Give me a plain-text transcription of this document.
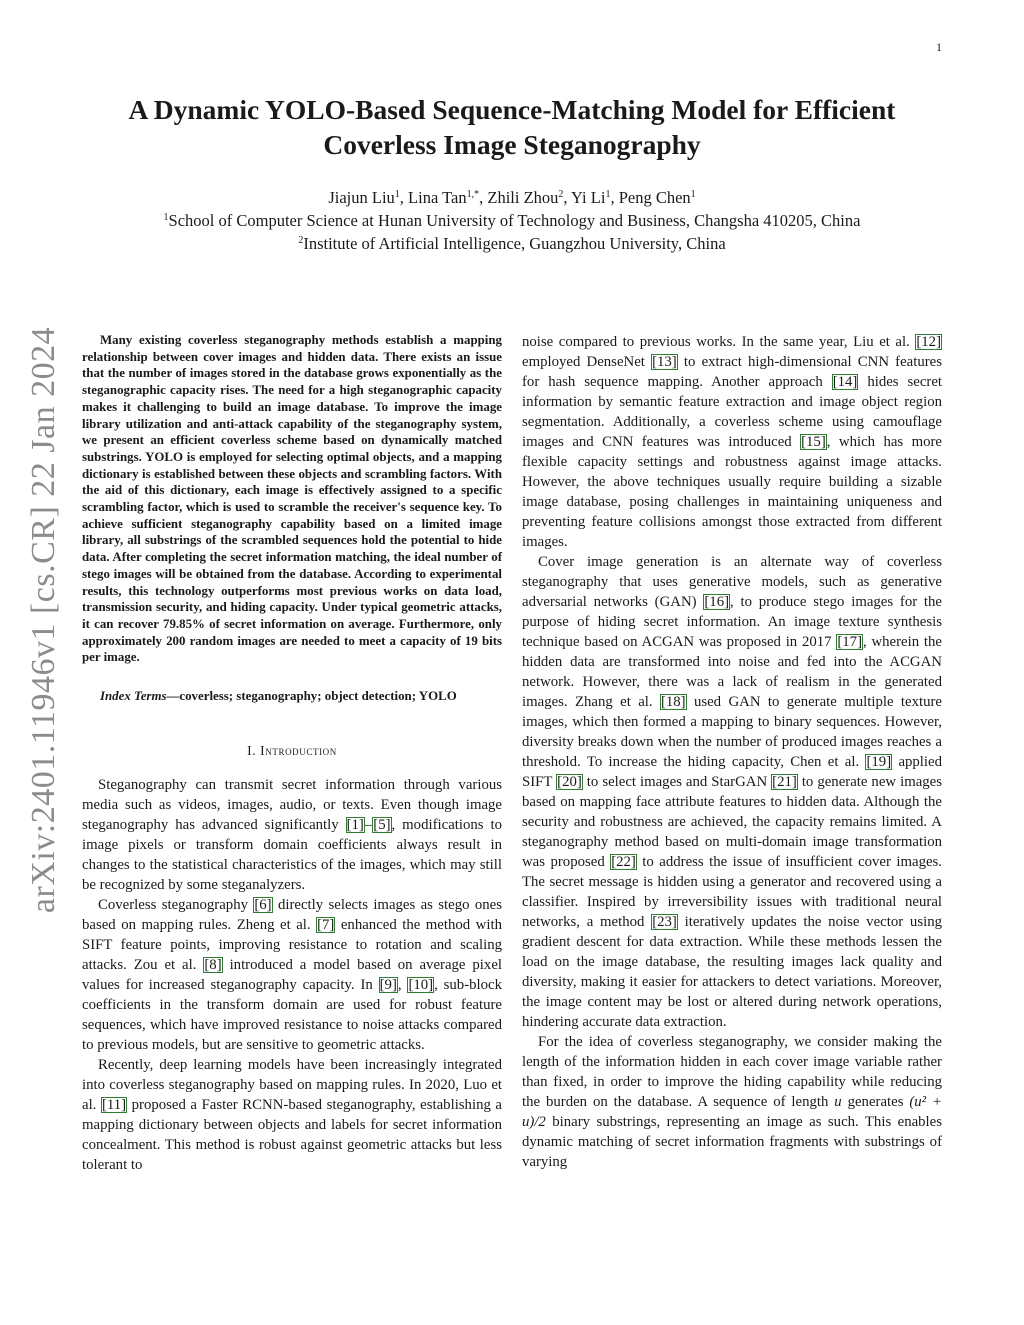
1
arXiv:2401.11946v1 [cs.CR] 22 Jan 2024
A Dynamic YOLO-Based Sequence-Matching Model for Efficient Coverless Image Steganography
Jiajun Liu$^1$, Lina Tan$^{1,*}$, Zhili Zhou$^2$, Yi Li$^1$, Peng Chen$^1$
$^1$School of Computer Science at Hunan University of Technology and Business, Changsha 410205, China
$^2$Institute of Artificial Intelligence, Guangzhou University, China

Many existing coverless steganography methods establish a mapping relationship between cover images and hidden data. There exists an issue that the number of images stored in the database grows exponentially as the steganographic capacity rises. The need for a high steganographic capacity makes it challenging to build an image database. To improve the image library utilization and anti-attack capability of the steganography system, we present an efficient coverless scheme based on dynamically matched substrings. YOLO is employed for selecting optimal objects, and a mapping dictionary is established between these objects and scrambling factors. With the aid of this dictionary, each image is effectively assigned to a specific scrambling factor, which is used to scramble the receiver's sequence key. To achieve sufficient steganography capability based on a limited image library, all substrings of the scrambled sequences hold the potential to hide data. After completing the secret information matching, the ideal number of stego images will be obtained from the database. According to experimental results, this technology outperforms most previous works on data load, transmission security, and hiding capacity. Under typical geometric attacks, it can recover 79.85% of secret information on average. Furthermore, only approximately 200 random images are needed to meet a capacity of 19 bits per image.

Index Terms—coverless; steganography; object detection; YOLO

I. Introduction

Steganography can transmit secret information through various media such as videos, images, audio, or texts. Even though image steganography has advanced significantly [1]–[5], modifications to image pixels or transform domain coefficients always result in changes to the statistical characteristics of the images, which may still be recognized by some steganalyzers.

Coverless steganography [6] directly selects images as stego ones based on mapping rules. Zheng et al. [7] enhanced the method with SIFT feature points, improving resistance to rotation and scaling attacks. Zou et al. [8] introduced a model based on average pixel values for increased steganography capacity. In [9], [10], sub-block coefficients in the transform domain are used for robust feature sequences, which have improved resistance to noise attacks compared to previous models, but are sensitive to geometric attacks.

Recently, deep learning models have been increasingly integrated into coverless steganography based on mapping rules. In 2020, Luo et al. [11] proposed a Faster RCNN-based steganography, establishing a mapping dictionary between objects and labels for secret information concealment. This method is robust against geometric attacks but less tolerant to

noise compared to previous works. In the same year, Liu et al. [12] employed DenseNet [13] to extract high-dimensional CNN features for hash sequence mapping. Another approach [14] hides secret information by semantic feature extraction and image object region segmentation. Additionally, a coverless scheme using camouflage images and CNN features was introduced [15], which has more flexible capacity settings and robustness against image attacks. However, the above techniques usually require building a sizable image database, posing challenges in maintaining uniqueness and preventing feature collisions amongst those extracted from different images.

Cover image generation is an alternate way of coverless steganography that uses generative models, such as generative adversarial networks (GAN) [16], to produce stego images for the purpose of hiding secret information. An image texture synthesis technique based on ACGAN was proposed in 2017 [17], wherein the hidden data are transformed into noise and fed into the ACGAN network. However, there was a lack of realism in the generated images. Zhang et al. [18] used GAN to generate multiple texture images, which then formed a mapping to binary sequences. However, diversity breaks down when the number of produced images reaches a threshold. To increase the hiding capacity, Chen et al. [19] applied SIFT [20] to select images and StarGAN [21] to generate new images based on mapping face attribute features to hidden data. Although the security and robustness are achieved, the capacity remains limited. A steganography method based on multi-domain image transformation was proposed [22] to address the issue of insufficient cover images. The secret message is hidden using a generator and recovered using a classifier. Inspired by irreversibility issues with traditional neural networks, a method [23] iteratively updates the noise vector using gradient descent for data extraction. While these methods lessen the load on the image database, the resulting images lack quality and diversity, making it easier for attackers to detect variations. Moreover, the image content may be lost or altered during network operations, hindering accurate data extraction.

For the idea of coverless steganography, we consider making the length of the information hidden in each cover image variable rather than fixed, in order to improve the hiding capability while reducing the burden on the database. A sequence of length u generates (u² + u)/2 binary substrings, representing an image as such. This enables dynamic matching of secret information fragments with substrings of varying
